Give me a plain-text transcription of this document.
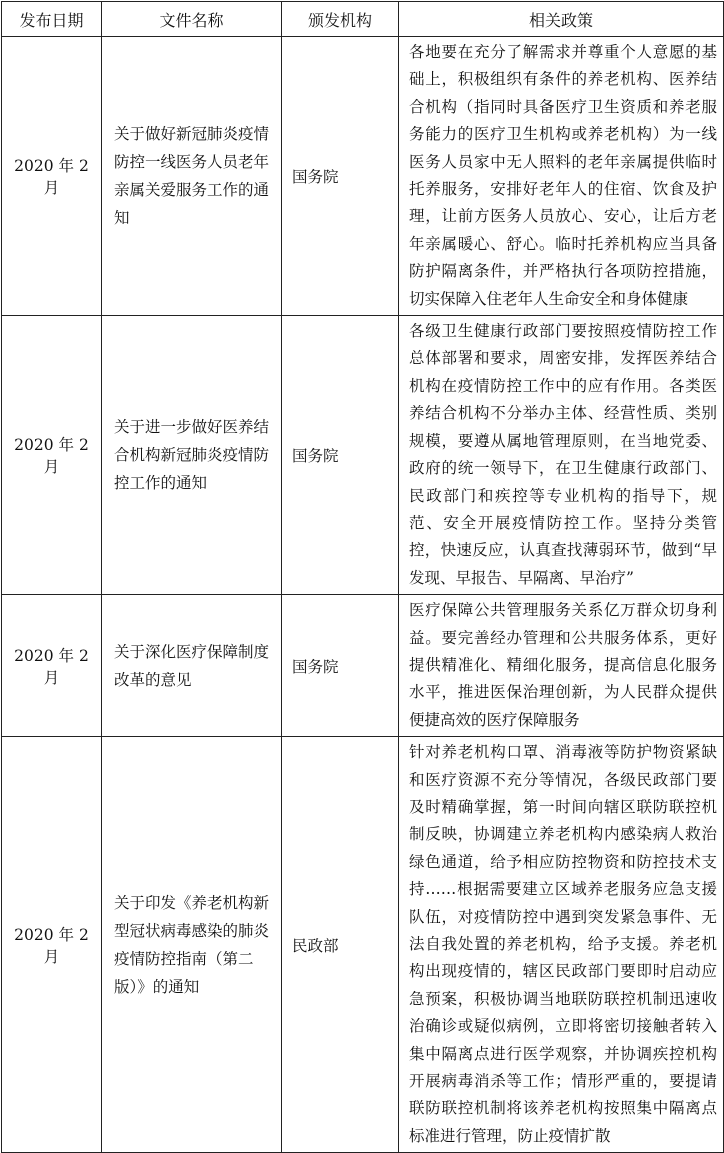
发布日期	文件名称	颁发机构	相关政策
2020 年 2 月	关于做好新冠肺炎疫情防控一线医务人员老年亲属关爱服务工作的通知	国务院	各地要在充分了解需求并尊重个人意愿的基础上，积极组织有条件的养老机构、医养结合机构（指同时具备医疗卫生资质和养老服务能力的医疗卫生机构或养老机构）为一线医务人员家中无人照料的老年亲属提供临时托养服务，安排好老年人的住宿、饮食及护理，让前方医务人员放心、安心，让后方老年亲属暖心、舒心。临时托养机构应当具备防护隔离条件，并严格执行各项防控措施，切实保障入住老年人生命安全和身体健康
2020 年 2 月	关于进一步做好医养结合机构新冠肺炎疫情防控工作的通知	国务院	各级卫生健康行政部门要按照疫情防控工作总体部署和要求，周密安排，发挥医养结合机构在疫情防控工作中的应有作用。各类医养结合机构不分举办主体、经营性质、类别规模，要遵从属地管理原则，在当地党委、政府的统一领导下，在卫生健康行政部门、民政部门和疾控等专业机构的指导下，规范、安全开展疫情防控工作。坚持分类管控，快速反应，认真查找薄弱环节，做到“早发现、早报告、早隔离、早治疗”
2020 年 2 月	关于深化医疗保障制度改革的意见	国务院	医疗保障公共管理服务关系亿万群众切身利益。要完善经办管理和公共服务体系，更好提供精准化、精细化服务，提高信息化服务水平，推进医保治理创新，为人民群众提供便捷高效的医疗保障服务
2020 年 2 月	关于印发《养老机构新型冠状病毒感染的肺炎疫情防控指南（第二版）》的通知	民政部	针对养老机构口罩、消毒液等防护物资紧缺和医疗资源不充分等情况，各级民政部门要及时精确掌握，第一时间向辖区联防联控机制反映，协调建立养老机构内感染病人救治绿色通道，给予相应防控物资和防控技术支持……根据需要建立区域养老服务应急支援队伍，对疫情防控中遇到突发紧急事件、无法自我处置的养老机构，给予支援。养老机构出现疫情的，辖区民政部门要即时启动应急预案，积极协调当地联防联控机制迅速收治确诊或疑似病例，立即将密切接触者转入集中隔离点进行医学观察，并协调疾控机构开展病毒消杀等工作；情形严重的，要提请联防联控机制将该养老机构按照集中隔离点标准进行管理，防止疫情扩散
